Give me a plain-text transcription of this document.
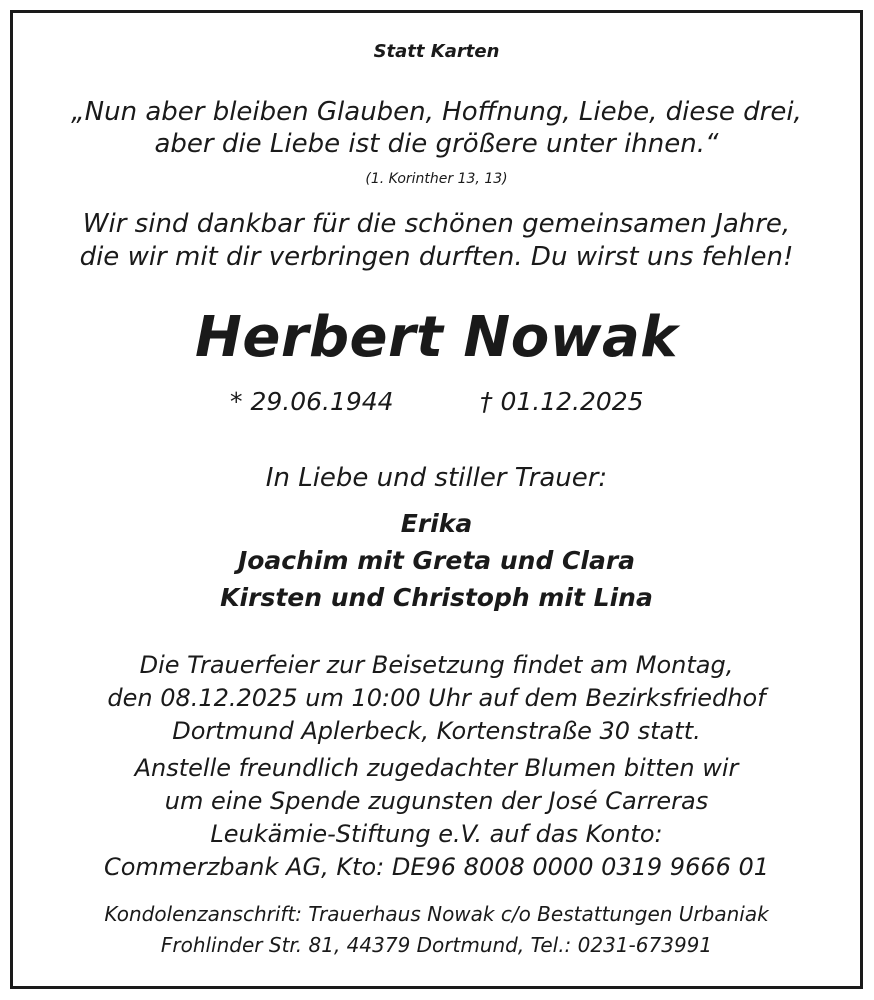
Statt Karten
„Nun aber bleiben Glauben, Hoffnung, Liebe, diese drei,
aber die Liebe ist die größere unter ihnen.“
(1. Korinther 13, 13)
Wir sind dankbar für die schönen gemeinsamen Jahre,
die wir mit dir verbringen durften. Du wirst uns fehlen!
Herbert Nowak
* 29.06.1944	† 01.12.2025
In Liebe und stiller Trauer:
Erika
Joachim mit Greta und Clara
Kirsten und Christoph mit Lina
Die Trauerfeier zur Beisetzung findet am Montag,
den 08.12.2025 um 10:00 Uhr auf dem Bezirksfriedhof
Dortmund Aplerbeck, Kortenstraße 30 statt.
Anstelle freundlich zugedachter Blumen bitten wir
um eine Spende zugunsten der José Carreras
Leukämie-Stiftung e.V. auf das Konto:
Commerzbank AG, Kto: DE96 8008 0000 0319 9666 01
Kondolenzanschrift: Trauerhaus Nowak c/o Bestattungen Urbaniak
Frohlinder Str. 81, 44379 Dortmund, Tel.: 0231-673991
